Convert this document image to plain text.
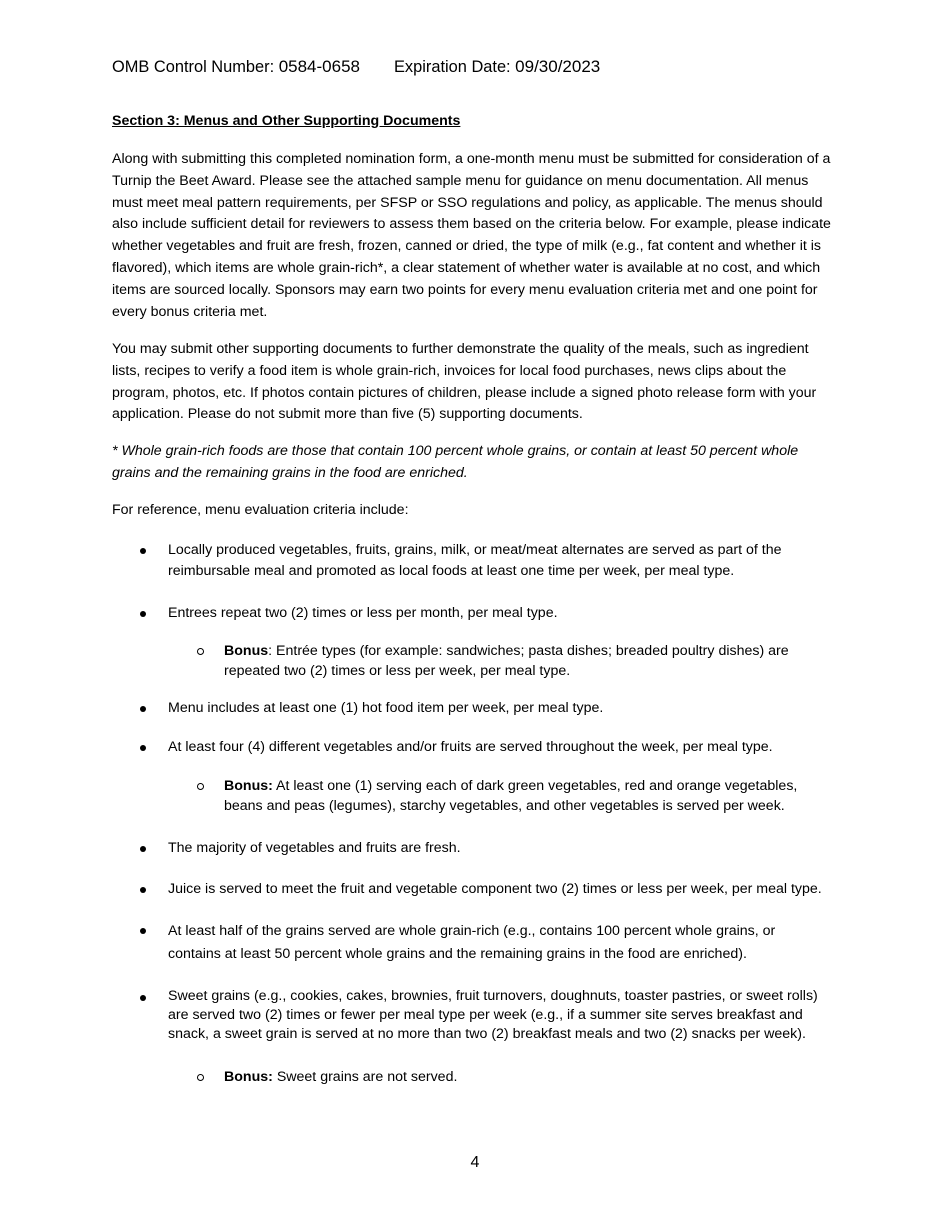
OMB Control Number: 0584-0658 Expiration Date: 09/30/2023
Section 3: Menus and Other Supporting Documents

Along with submitting this completed nomination form, a one-month menu must be submitted for consideration of a Turnip the Beet Award. Please see the attached sample menu for guidance on menu documentation. All menus must meet meal pattern requirements, per SFSP or SSO regulations and policy, as applicable. The menus should also include sufficient detail for reviewers to assess them based on the criteria below. For example, please indicate whether vegetables and fruit are fresh, frozen, canned or dried, the type of milk (e.g., fat content and whether it is flavored), which items are whole grain-rich*, a clear statement of whether water is available at no cost, and which items are sourced locally. Sponsors may earn two points for every menu evaluation criteria met and one point for every bonus criteria met.

You may submit other supporting documents to further demonstrate the quality of the meals, such as ingredient lists, recipes to verify a food item is whole grain-rich, invoices for local food purchases, news clips about the program, photos, etc. If photos contain pictures of children, please include a signed photo release form with your application. Please do not submit more than five (5) supporting documents.

* Whole grain-rich foods are those that contain 100 percent whole grains, or contain at least 50 percent whole grains and the remaining grains in the food are enriched.

For reference, menu evaluation criteria include:

Locally produced vegetables, fruits, grains, milk, or meat/meat alternates are served as part of the reimbursable meal and promoted as local foods at least one time per week, per meal type.
Entrees repeat two (2) times or less per month, per meal type.
Bonus: Entrée types (for example: sandwiches; pasta dishes; breaded poultry dishes) are repeated two (2) times or less per week, per meal type.
Menu includes at least one (1) hot food item per week, per meal type.
At least four (4) different vegetables and/or fruits are served throughout the week, per meal type.
Bonus: At least one (1) serving each of dark green vegetables, red and orange vegetables, beans and peas (legumes), starchy vegetables, and other vegetables is served per week.
The majority of vegetables and fruits are fresh.
Juice is served to meet the fruit and vegetable component two (2) times or less per week, per meal type.
At least half of the grains served are whole grain-rich (e.g., contains 100 percent whole grains, or contains at least 50 percent whole grains and the remaining grains in the food are enriched).
Sweet grains (e.g., cookies, cakes, brownies, fruit turnovers, doughnuts, toaster pastries, or sweet rolls) are served two (2) times or fewer per meal type per week (e.g., if a summer site serves breakfast and snack, a sweet grain is served at no more than two (2) breakfast meals and two (2) snacks per week).
Bonus: Sweet grains are not served.
4
